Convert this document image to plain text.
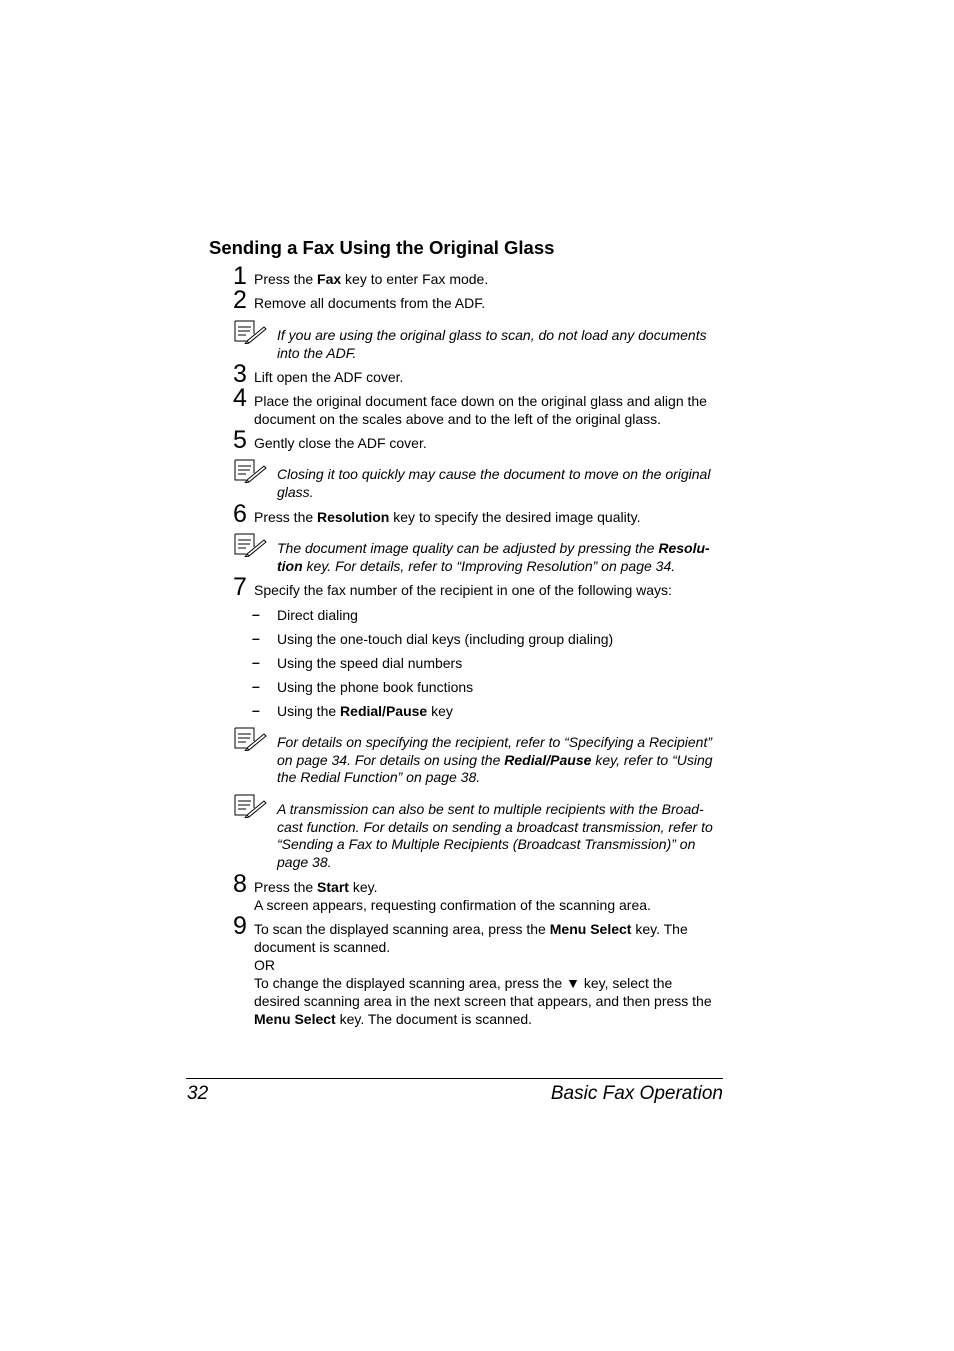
Sending a Fax Using the Original Glass
1 Press the Fax key to enter Fax mode.
2 Remove all documents from the ADF.
If you are using the original glass to scan, do not load any documents
into the ADF.
3 Lift open the ADF cover.
4 Place the original document face down on the original glass and align the
document on the scales above and to the left of the original glass.
5 Gently close the ADF cover.
Closing it too quickly may cause the document to move on the original
glass.
6 Press the Resolution key to specify the desired image quality.
The document image quality can be adjusted by pressing the Resolu-
tion key. For details, refer to “Improving Resolution” on page 34.
7 Specify the fax number of the recipient in one of the following ways:
– Direct dialing
– Using the one-touch dial keys (including group dialing)
– Using the speed dial numbers
– Using the phone book functions
– Using the Redial/Pause key
For details on specifying the recipient, refer to “Specifying a Recipient”
on page 34. For details on using the Redial/Pause key, refer to “Using
the Redial Function” on page 38.
A transmission can also be sent to multiple recipients with the Broad-
cast function. For details on sending a broadcast transmission, refer to
“Sending a Fax to Multiple Recipients (Broadcast Transmission)” on
page 38.
8 Press the Start key.
A screen appears, requesting confirmation of the scanning area.
9 To scan the displayed scanning area, press the Menu Select key. The
document is scanned.
OR
To change the displayed scanning area, press the ▼ key, select the
desired scanning area in the next screen that appears, and then press the
Menu Select key. The document is scanned.
32	Basic Fax Operation
